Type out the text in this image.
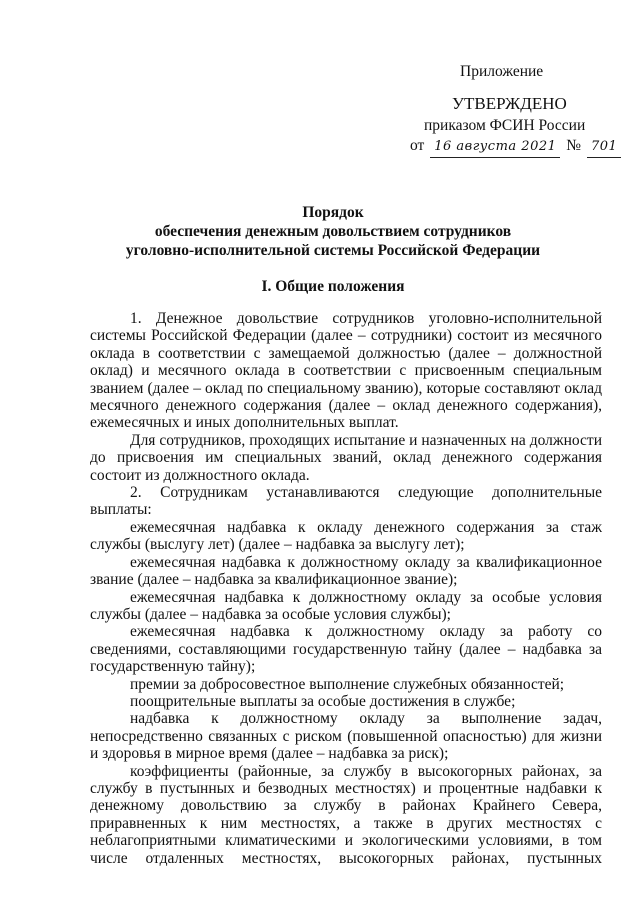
Приложение
УТВЕРЖДЕНО
приказом ФСИН России
от 16 августа 2021 № 701
Порядок
обеспечения денежным довольствием сотрудников
уголовно-исполнительной системы Российской Федерации
I. Общие положения

1. Денежное довольствие сотрудников уголовно-исполнительной системы Российской Федерации (далее – сотрудники) состоит из месячного оклада в соответствии с замещаемой должностью (далее – должностной оклад) и месячного оклада в соответствии с присвоенным специальным званием (далее – оклад по специальному званию), которые составляют оклад месячного денежного содержания (далее – оклад денежного содержания), ежемесячных и иных дополнительных выплат.

Для сотрудников, проходящих испытание и назначенных на должности до присвоения им специальных званий, оклад денежного содержания состоит из должностного оклада.

2. Сотрудникам устанавливаются следующие дополнительные выплаты:

ежемесячная надбавка к окладу денежного содержания за стаж службы (выслугу лет) (далее – надбавка за выслугу лет);

ежемесячная надбавка к должностному окладу за квалификационное звание (далее – надбавка за квалификационное звание);

ежемесячная надбавка к должностному окладу за особые условия службы (далее – надбавка за особые условия службы);

ежемесячная надбавка к должностному окладу за работу со сведениями, составляющими государственную тайну (далее – надбавка за государственную тайну);

премии за добросовестное выполнение служебных обязанностей;

поощрительные выплаты за особые достижения в службе;

надбавка к должностному окладу за выполнение задач, непосредственно связанных с риском (повышенной опасностью) для жизни и здоровья в мирное время (далее – надбавка за риск);

коэффициенты (районные, за службу в высокогорных районах, за службу в пустынных и безводных местностях) и процентные надбавки к денежному довольствию за службу в районах Крайнего Севера, приравненных к ним местностях, а также в других местностях с неблагоприятными климатическими и экологическими условиями, в том числе отдаленных местностях, высокогорных районах, пустынных
